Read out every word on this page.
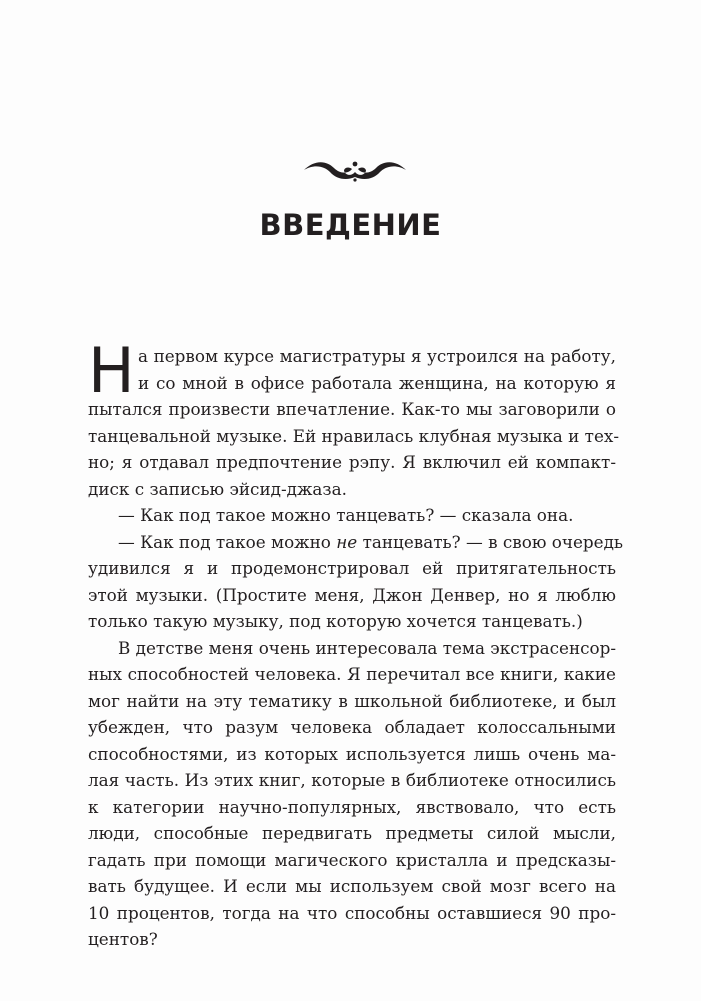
ВВЕДЕНИЕ
Н а первом курсе магистратуры я устроился на работу,
и со мной в офисе работала женщина, на которую я
пытался произвести впечатление. Как-то мы заговорили о
танцевальной музыке. Ей нравилась клубная музыка и тех-
но; я отдавал предпочтение рэпу. Я включил ей компакт-
диск с записью эйсид-джаза.
— Как под такое можно танцевать? — сказала она.
— Как под такое можно не танцевать? — в свою очередь
удивился я и продемонстрировал ей притягательность
этой музыки. (Простите меня, Джон Денвер, но я люблю
только такую музыку, под которую хочется танцевать.)
В детстве меня очень интересовала тема экстрасенсор-
ных способностей человека. Я перечитал все книги, какие
мог найти на эту тематику в школьной библиотеке, и был
убежден, что разум человека обладает колоссальными
способностями, из которых используется лишь очень ма-
лая часть. Из этих книг, которые в библиотеке относились
к категории научно-популярных, явствовало, что есть
люди, способные передвигать предметы силой мысли,
гадать при помощи магического кристалла и предсказы-
вать будущее. И если мы используем свой мозг всего на
10 процентов, тогда на что способны оставшиеся 90 про-
центов?
